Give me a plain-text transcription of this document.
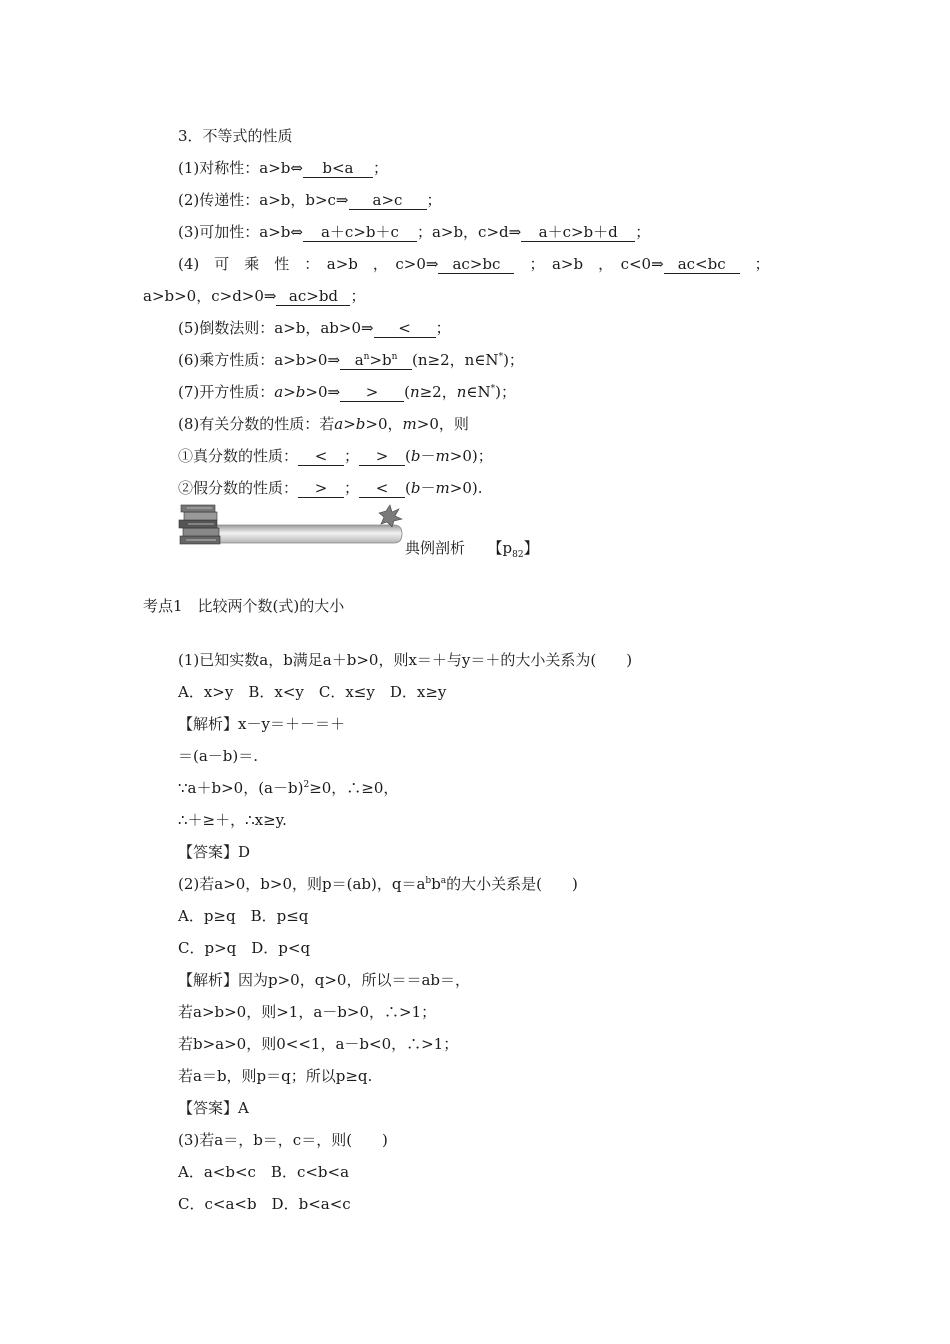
3．不等式的性质
(1)对称性：a>b⇔ b<a ；
(2)传递性：a>b，b>c⇒ a>c ；
(3)可加性：a>b⇔ a＋c>b＋c ；a>b，c>d⇒ a＋c>b＋d ；
(4)　可　乘　性　：　a>b　，　c>0⇒ ac>bc　；　a>b　，　c<0⇒ ac<bc　；
a>b>0，c>d>0⇒ ac>bd ；
(5)倒数法则：a>b，ab>0⇒ < ；
(6)乘方性质：a>b>0⇒ $a^n>b^n$ (n≥2，n∈N*)；
(7)开方性质：a>b>0⇒ > (n≥2，n∈N*)；
(8)有关分数的性质：若a>b>0，m>0，则
①真分数的性质： < ； > (b－m>0)；
②假分数的性质： > ； < (b－m>0).
典例剖析　　 【$p_{82}$】
考点1　比较两个数(式)的大小
(1)已知实数a，b满足a＋b>0，则x＝＋与y＝＋的大小关系为(　　)
A．x>y　B．x<y　C．x≤y　D．x≥y
【解析】x－y＝＋－＝＋
＝(a－b)＝.
∵a＋b>0，$(a-b)^2\ge 0$，∴≥0，
∴＋≥＋，∴x≥y.
【答案】D
(2)若a>0，b>0，则p＝(ab)，$q=a^bb^a$的大小关系是(　　)
A．p≥q　B．p≤q
C．p>q　D．p<q
【解析】因为p>0，q>0，所以＝＝ab＝，
若a>b>0，则>1，a－b>0，∴>1；
若b>a>0，则0<<1，a－b<0，∴>1；
若a＝b，则p＝q；所以p≥q.
【答案】A
(3)若a＝，b＝，c＝，则(　　)
A．a<b<c　B．c<b<a
C．c<a<b　D．b<a<c
